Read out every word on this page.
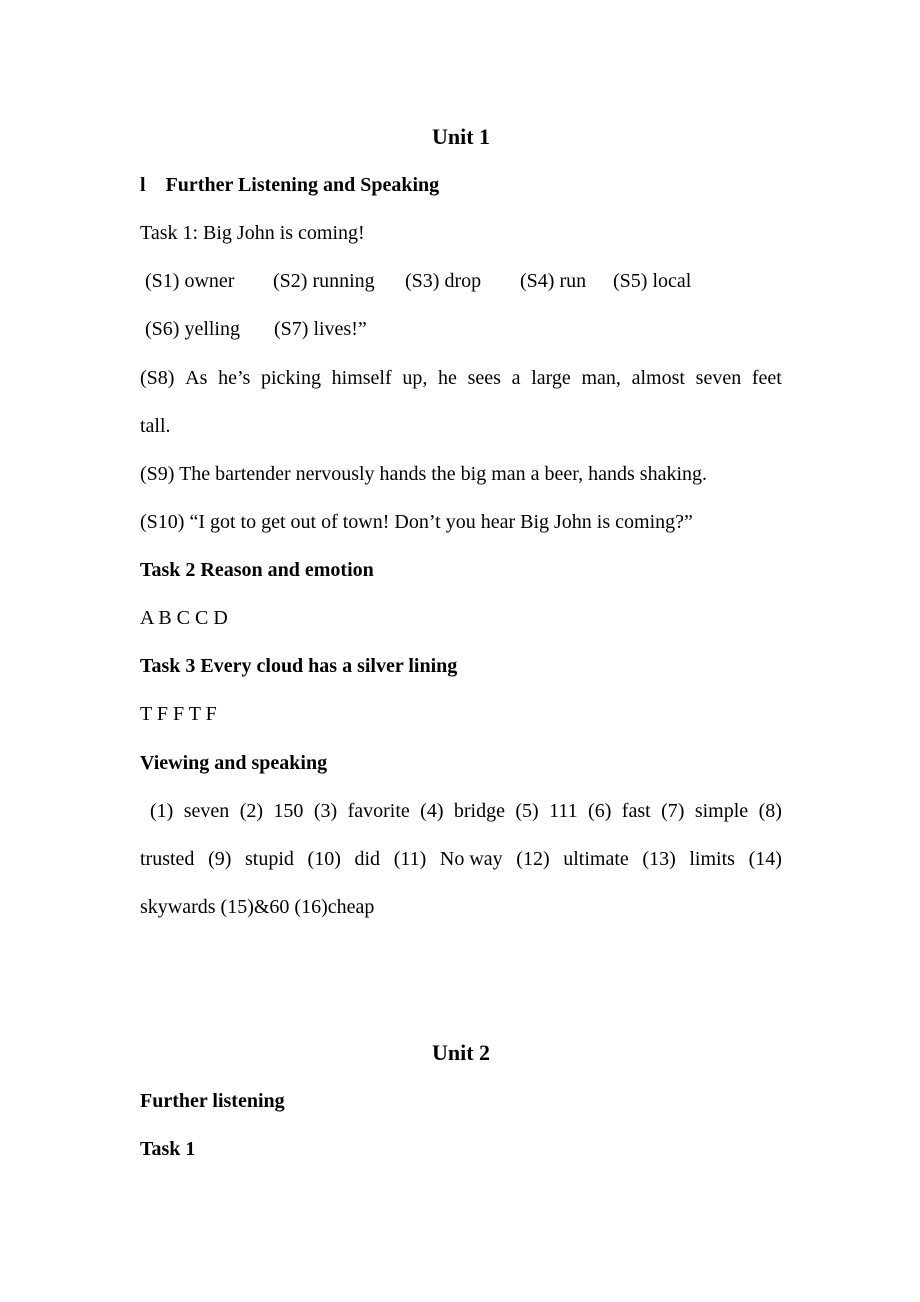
Unit 1
l Further Listening and Speaking
Task 1: Big John is coming!
(S1) owner (S2) running (S3) drop (S4) run (S5) local
(S6) yelling (S7) lives!”
(S8) As he’s picking himself up, he sees a large man, almost seven feet
tall.
(S9) The bartender nervously hands the big man a beer, hands shaking.
(S10) “I got to get out of town! Don’t you hear Big John is coming?”
Task 2 Reason and emotion
A B C C D
Task 3 Every cloud has a silver lining
T F F T F
Viewing and speaking
(1) seven (2) 150 (3) favorite (4) bridge (5) 111 (6) fast (7) simple (8)
trusted (9) stupid (10) did (11) No way (12) ultimate (13) limits (14)
skywards (15)&60 (16)cheap
Unit 2
Further listening
Task 1
